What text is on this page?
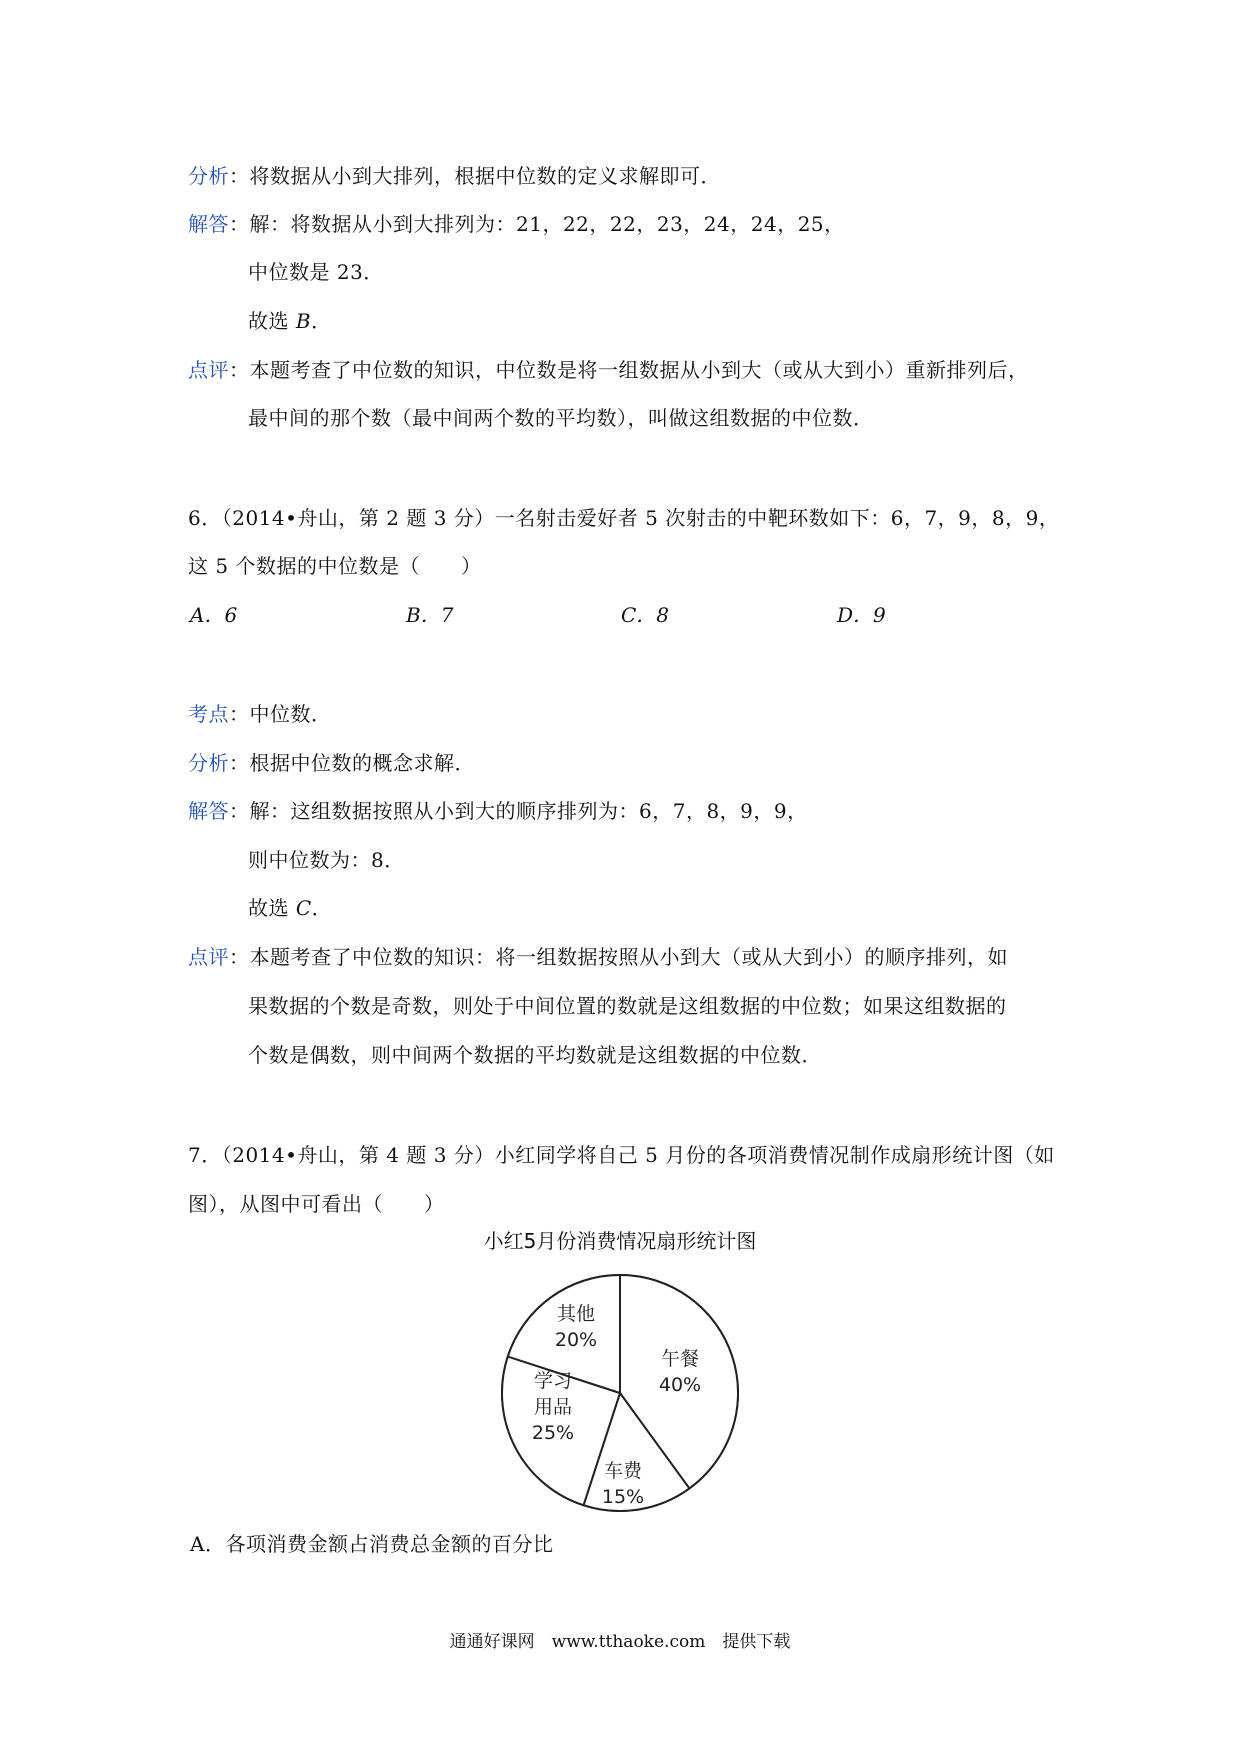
分析：将数据从小到大排列，根据中位数的定义求解即可．
解答：解：将数据从小到大排列为：21，22，22，23，24，24，25，
中位数是 23．
故选 B．
点评：本题考查了中位数的知识，中位数是将一组数据从小到大（或从大到小）重新排列后，
最中间的那个数（最中间两个数的平均数），叫做这组数据的中位数．
6．（2014•舟山，第 2 题 3 分）一名射击爱好者 5 次射击的中靶环数如下：6，7，9，8，9，
这 5 个数据的中位数是（　　）
A．6	B．7	C．8	D．9
考点：中位数．
分析：根据中位数的概念求解．
解答：解：这组数据按照从小到大的顺序排列为：6，7，8，9，9，
则中位数为：8．
故选 C．
点评：本题考查了中位数的知识：将一组数据按照从小到大（或从大到小）的顺序排列，如
果数据的个数是奇数，则处于中间位置的数就是这组数据的中位数；如果这组数据的
个数是偶数，则中间两个数据的平均数就是这组数据的中位数．
7．（2014•舟山，第 4 题 3 分）小红同学将自己 5 月份的各项消费情况制作成扇形统计图（如
图），从图中可看出（　　）
小红5月份消费情况扇形统计图
午餐 40%
车费 15%
学习用品 25%
其他 20%
A．各项消费金额占消费总金额的百分比
通通好课网　www.tthaoke.com　提供下载
